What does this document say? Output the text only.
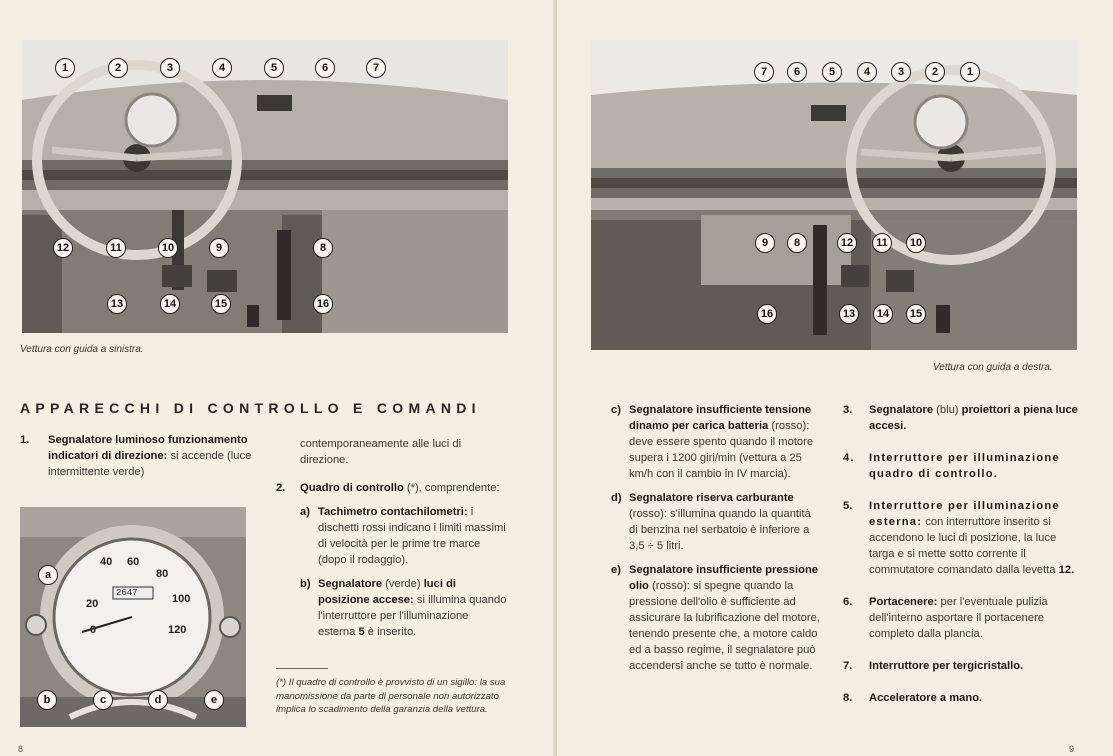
1	2	3	4	5	6	7
12	11	10	9	8
13	14	15	16
Vettura con guida a sinistra.
APPARECCHI DI CONTROLLO E COMANDI
1. Segnalatore luminoso funzionamento indicatori di direzione: si accende (luce intermittente verde)
40 60
80
20	100
120
0
2647
a
b	c	d	e
contemporaneamente alle luci di direzione.
2. Quadro di controllo (*), comprendente:
a) Tachimetro contachilometri: i dischetti rossi indicano i limiti massimi di velocità per le prime tre marce (dopo il rodaggio).
b) Segnalatore (verde) luci di posizione accese: si illumina quando l'interruttore per l'illuminazione esterna 5 è inserito.
(*) Il quadro di controllo è provvisto di un sigillo: la sua manomissione da parte di personale non autorizzato implica lo scadimento della garanzia della vettura.
8
7	6	5	4	3	2	1
9	8	12	11	10
16	13	14	15
Vettura con guida a destra.
c) Segnalatore insufficiente tensione dinamo per carica batteria (rosso): deve essere spento quando il motore supera i 1200 giri/min (vettura a 25 km/h con il cambio in IV marcia).
d) Segnalatore riserva carburante (rosso): s'illumina quando la quantità di benzina nel serbatoio è inferiore a 3,5 ÷ 5 litri.
e) Segnalatore insufficiente pressione olio (rosso): si spegne quando la pressione dell'olio è sufficiente ad assicurare la lubrificazione del motore, tenendo presente che, a motore caldo ed a basso regime, il segnalatore può accendersi anche se tutto è normale.
3. Segnalatore (blu) proiettori a piena luce accesi.
4. Interruttore per illuminazione quadro di controllo.
5. Interruttore per illuminazione esterna: con interruttore inserito si accendono le luci di posizione, la luce targa e si mette sotto corrente il commutatore comandato dalla levetta 12.
6. Portacenere: per l'eventuale pulizia dell'interno asportare il portacenere completo dalla plancia.
7. Interruttore per tergicristallo.
8. Acceleratore a mano.
9
